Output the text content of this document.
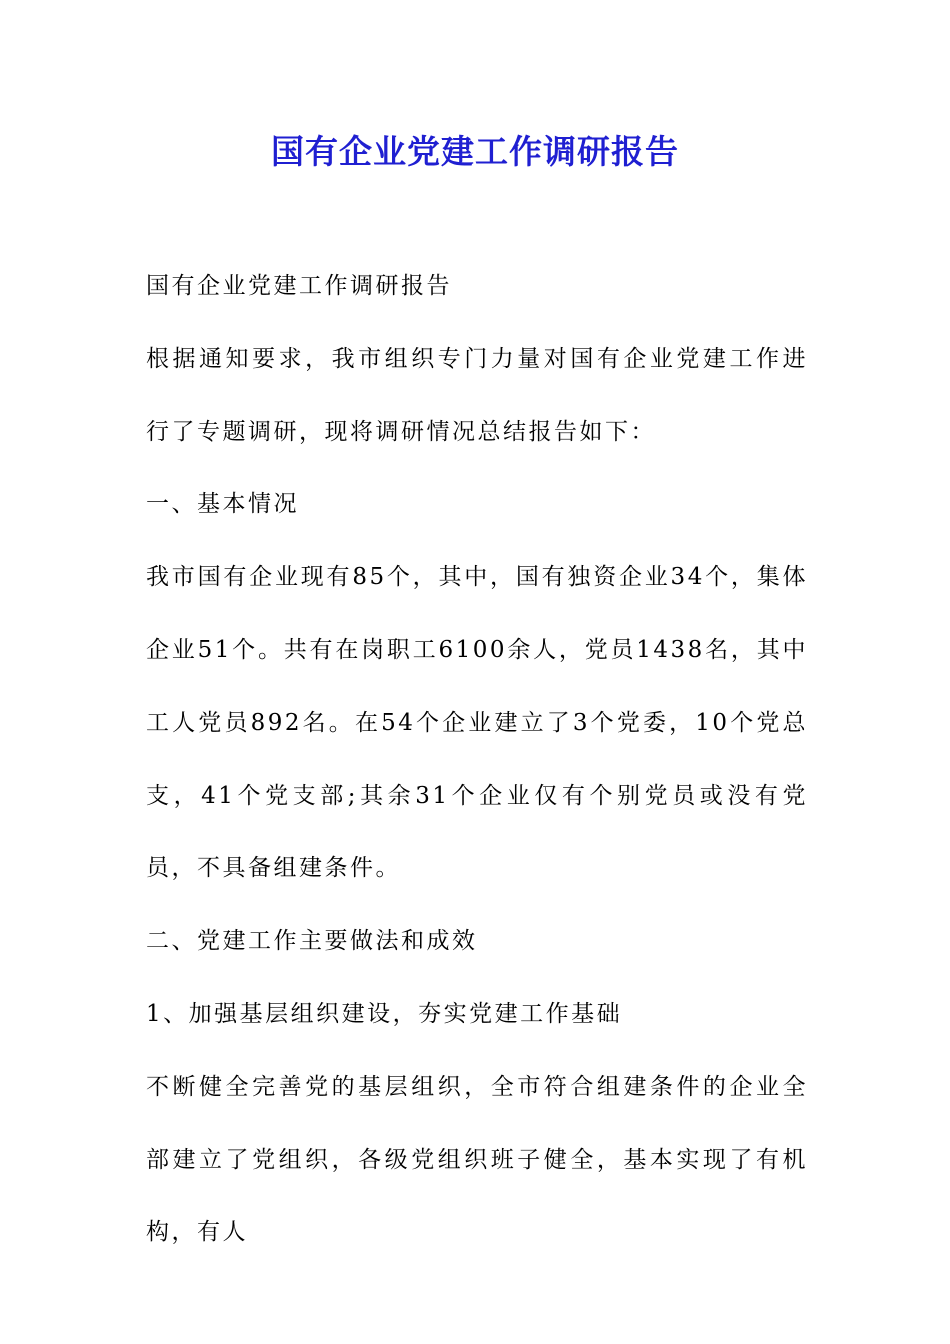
国有企业党建工作调研报告

国有企业党建工作调研报告

根据通知要求，我市组织专门力量对国有企业党建工作进行了专题调研，现将调研情况总结报告如下：

一、基本情况

我市国有企业现有85个，其中，国有独资企业34个，集体企业51个。共有在岗职工6100余人，党员1438名，其中工人党员892名。在54个企业建立了3个党委，10个党总支，41个党支部;其余31个企业仅有个别党员或没有党员，不具备组建条件。

二、党建工作主要做法和成效

1、加强基层组织建设，夯实党建工作基础

不断健全完善党的基层组织，全市符合组建条件的企业全部建立了党组织，各级党组织班子健全，基本实现了有机构，有人
